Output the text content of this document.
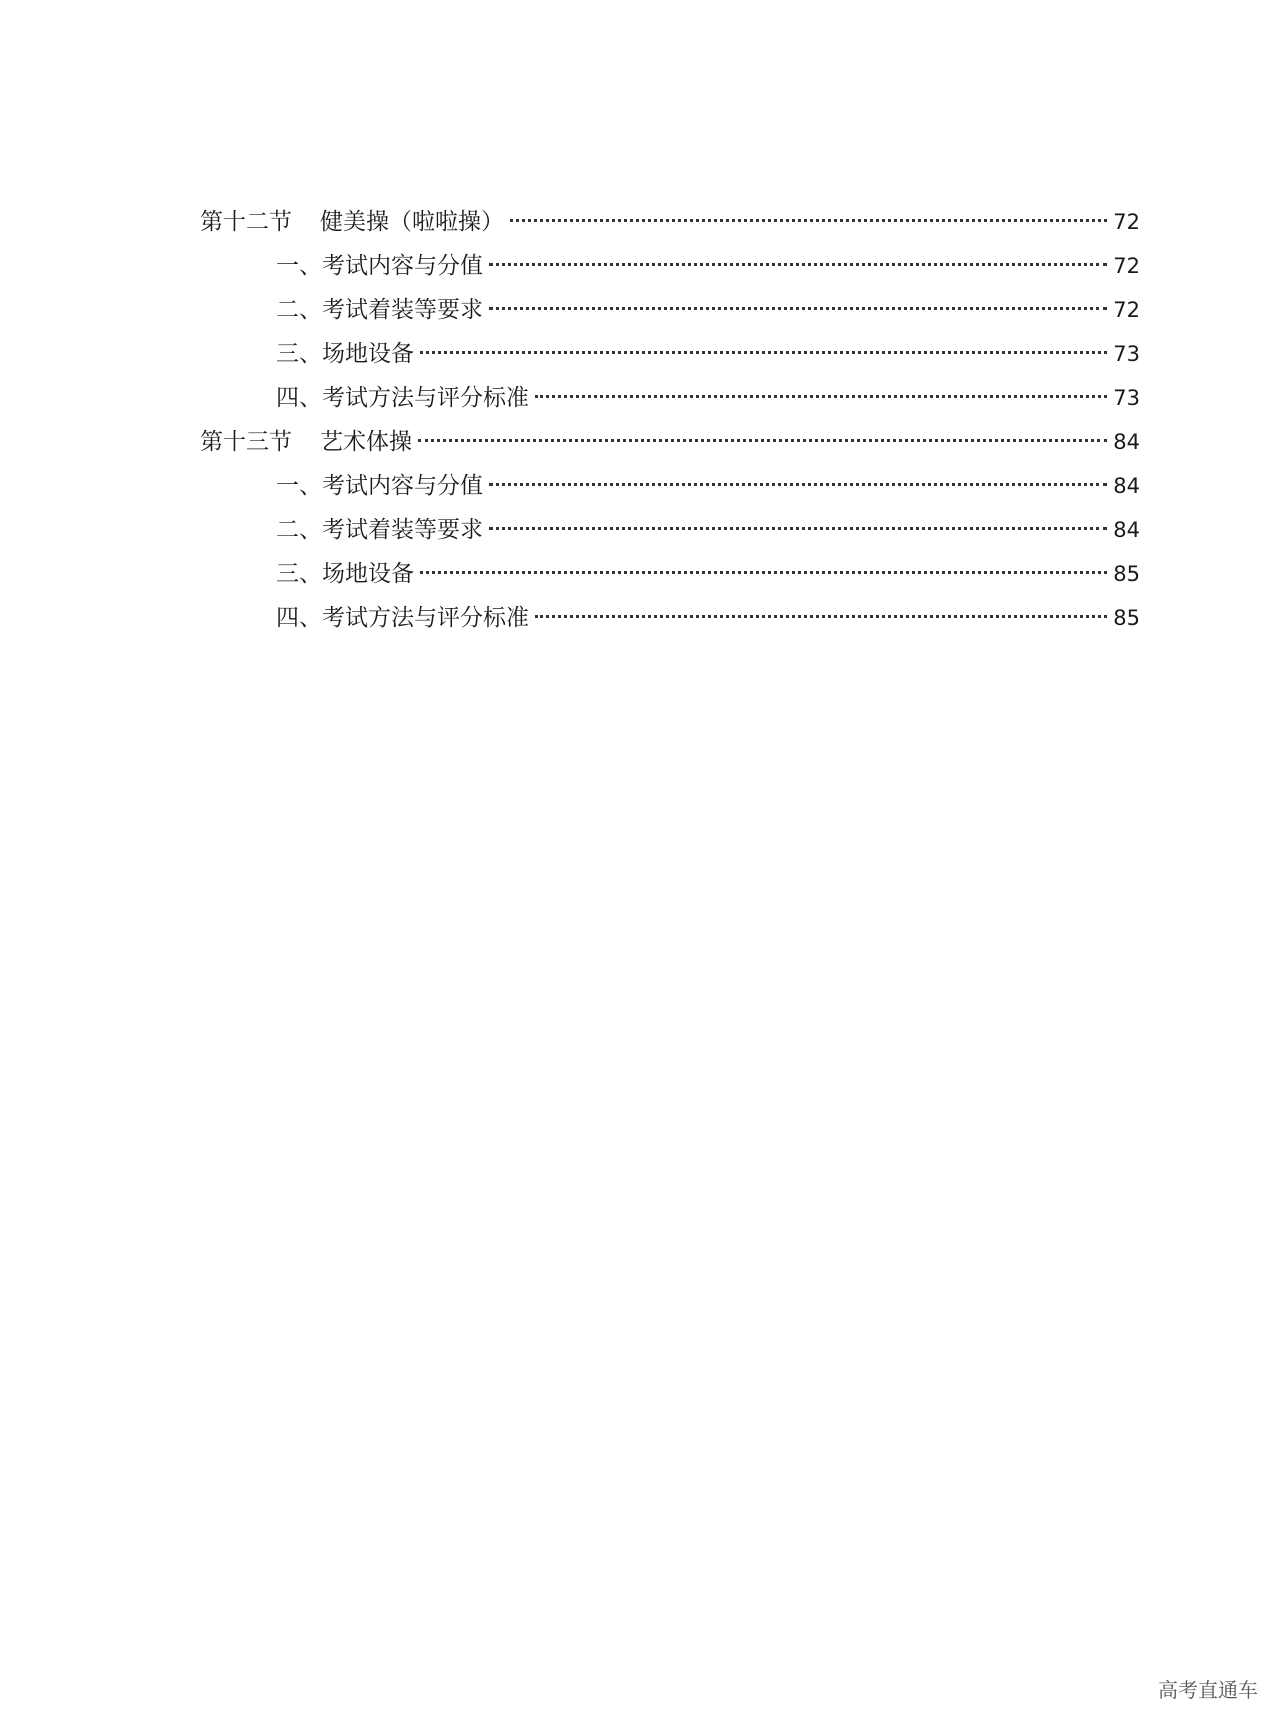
第十二节	健美操（啦啦操）	72
一、考试内容与分值	72
二、考试着装等要求	72
三、场地设备	73
四、考试方法与评分标准	73
第十三节	艺术体操	84
一、考试内容与分值	84
二、考试着装等要求	84
三、场地设备	85
四、考试方法与评分标准	85
高考直通车
